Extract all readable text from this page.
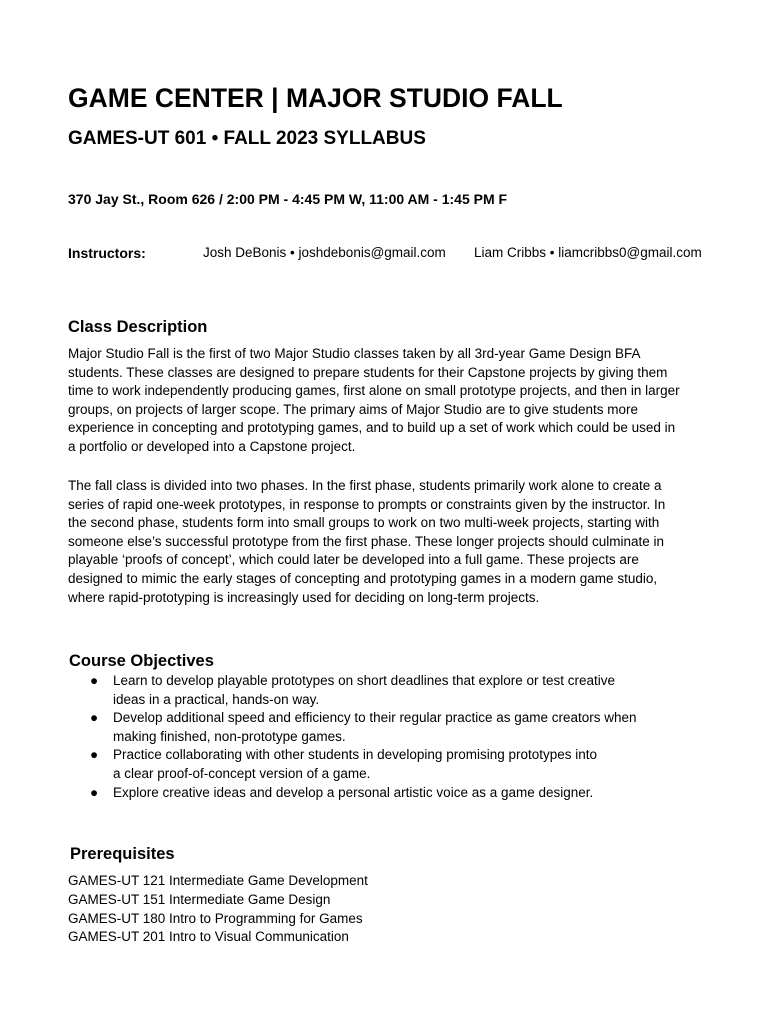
GAME CENTER | MAJOR STUDIO FALL
GAMES-UT 601 • FALL 2023 SYLLABUS
370 Jay St., Room 626 / 2:00 PM - 4:45 PM W, 11:00 AM - 1:45 PM F
Instructors:	Josh DeBonis • joshdebonis@gmail.com Liam Cribbs • liamcribbs0@gmail.com
Class Description
Major Studio Fall is the first of two Major Studio classes taken by all 3rd-year Game Design BFA
students. These classes are designed to prepare students for their Capstone projects by giving them
time to work independently producing games, first alone on small prototype projects, and then in larger
groups, on projects of larger scope. The primary aims of Major Studio are to give students more
experience in concepting and prototyping games, and to build up a set of work which could be used in
a portfolio or developed into a Capstone project.
The fall class is divided into two phases. In the first phase, students primarily work alone to create a
series of rapid one-week prototypes, in response to prompts or constraints given by the instructor. In
the second phase, students form into small groups to work on two multi-week projects, starting with
someone else’s successful prototype from the first phase. These longer projects should culminate in
playable ‘proofs of concept’, which could later be developed into a full game. These projects are
designed to mimic the early stages of concepting and prototyping games in a modern game studio,
where rapid-prototyping is increasingly used for deciding on long-term projects.
Course Objectives
● Learn to develop playable prototypes on short deadlines that explore or test creative
ideas in a practical, hands-on way.
● Develop additional speed and efficiency to their regular practice as game creators when
making finished, non-prototype games.
● Practice collaborating with other students in developing promising prototypes into
a clear proof-of-concept version of a game.
● Explore creative ideas and develop a personal artistic voice as a game designer.
Prerequisites
GAMES-UT 121 Intermediate Game Development
GAMES-UT 151 Intermediate Game Design
GAMES-UT 180 Intro to Programming for Games
GAMES-UT 201 Intro to Visual Communication
